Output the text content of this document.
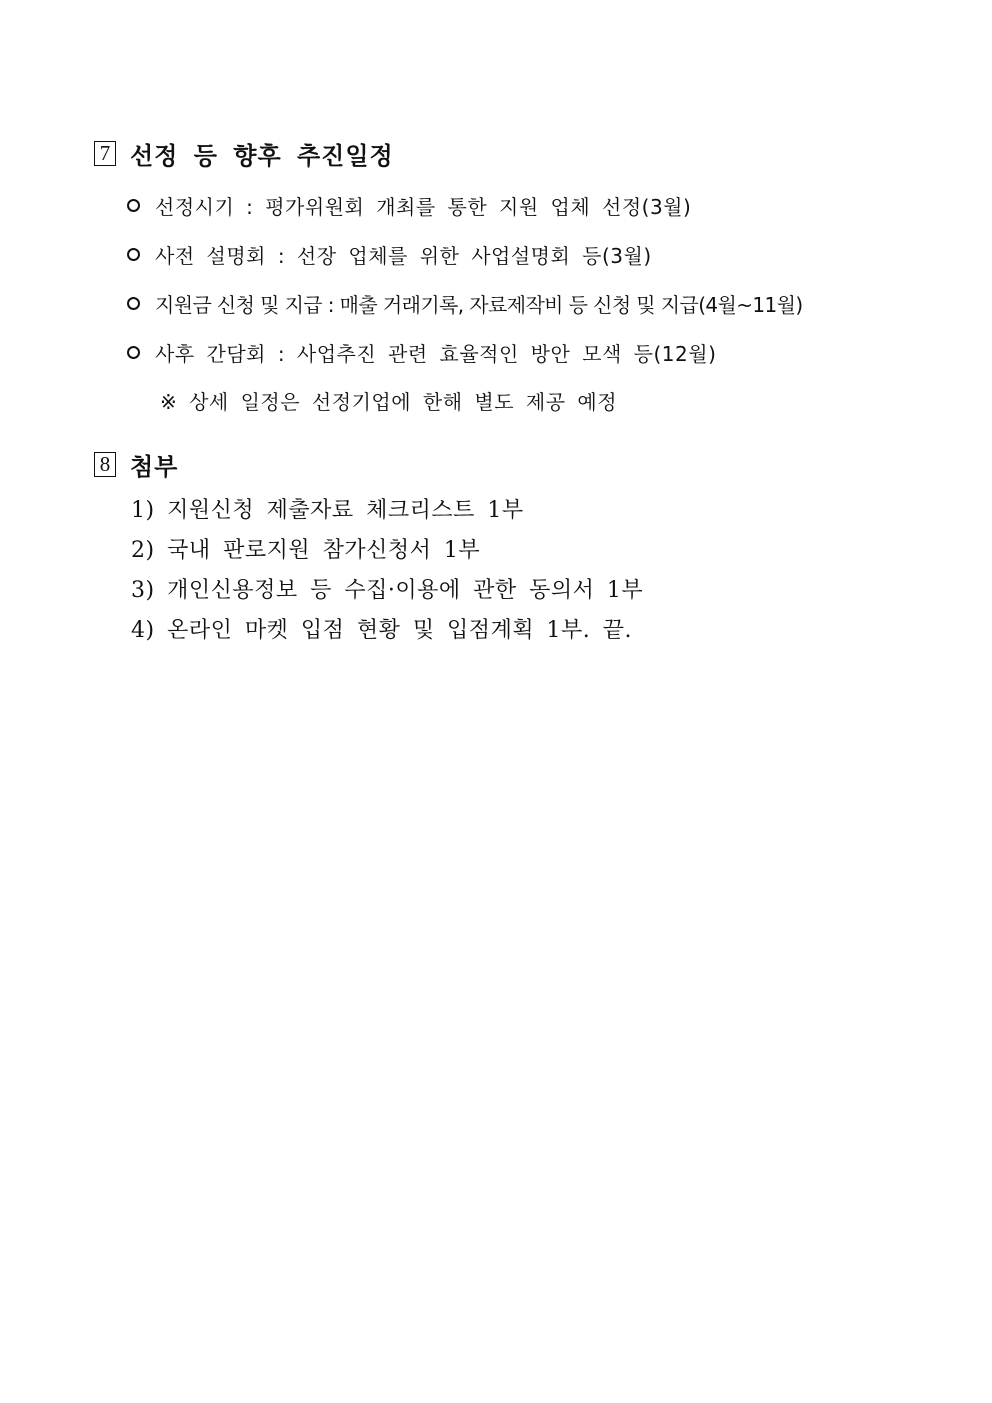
7 선정 등 향후 추진일정
선정시기 : 평가위원회 개최를 통한 지원 업체 선정(3월)
사전 설명회 : 선장 업체를 위한 사업설명회 등(3월)
지원금 신청 및 지급 : 매출 거래기록, 자료제작비 등 신청 및 지급(4월~11월)
사후 간담회 : 사업추진 관련 효율적인 방안 모색 등(12월)
※ 상세 일정은 선정기업에 한해 별도 제공 예정
8 첨부
1) 지원신청 제출자료 체크리스트 1부
2) 국내 판로지원 참가신청서 1부
3) 개인신용정보 등 수집·이용에 관한 동의서 1부
4) 온라인 마켓 입점 현황 및 입점계획 1부. 끝.
